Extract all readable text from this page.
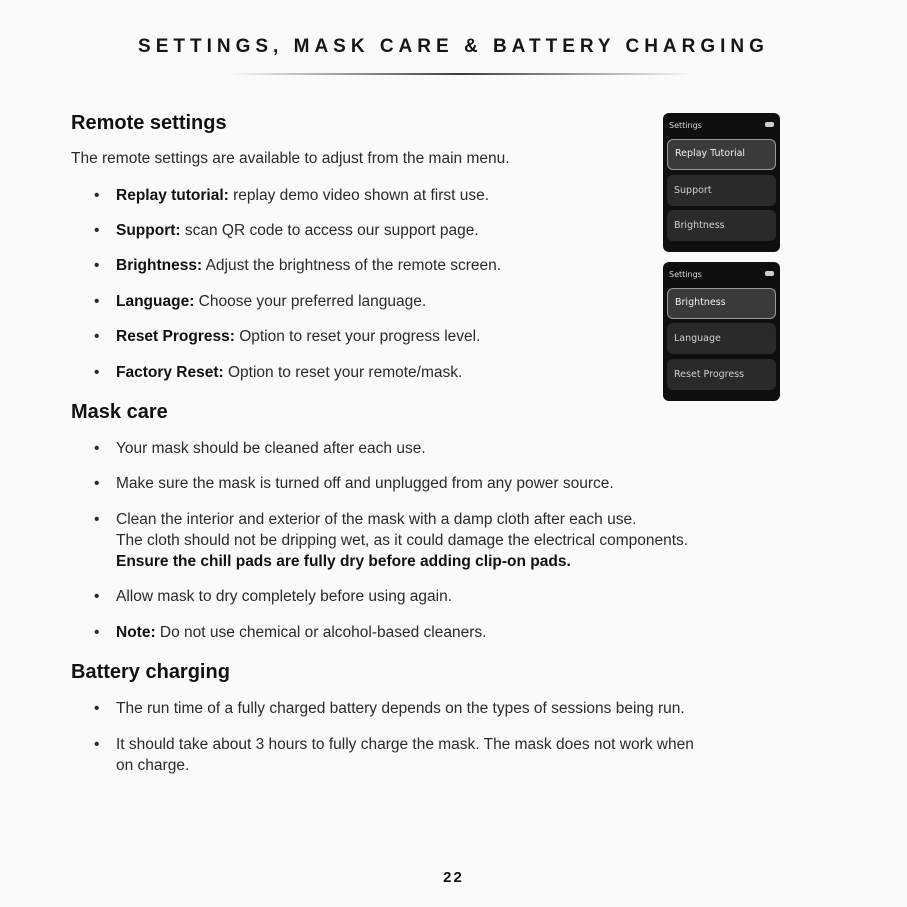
SETTINGS, MASK CARE & BATTERY CHARGING
Remote settings
The remote settings are available to adjust from the main menu.
• Replay tutorial: replay demo video shown at first use.
• Support: scan QR code to access our support page.
• Brightness: Adjust the brightness of the remote screen.
• Language: Choose your preferred language.
• Reset Progress: Option to reset your progress level.
• Factory Reset: Option to reset your remote/mask.
Settings
Replay Tutorial
Support
Brightness
Settings
Brightness
Language
Reset Progress
Mask care
• Your mask should be cleaned after each use.
• Make sure the mask is turned off and unplugged from any power source.
• Clean the interior and exterior of the mask with a damp cloth after each use.
The cloth should not be dripping wet, as it could damage the electrical components.
Ensure the chill pads are fully dry before adding clip-on pads.
• Allow mask to dry completely before using again.
• Note: Do not use chemical or alcohol-based cleaners.
Battery charging
• The run time of a fully charged battery depends on the types of sessions being run.
• It should take about 3 hours to fully charge the mask. The mask does not work when
on charge.
22
